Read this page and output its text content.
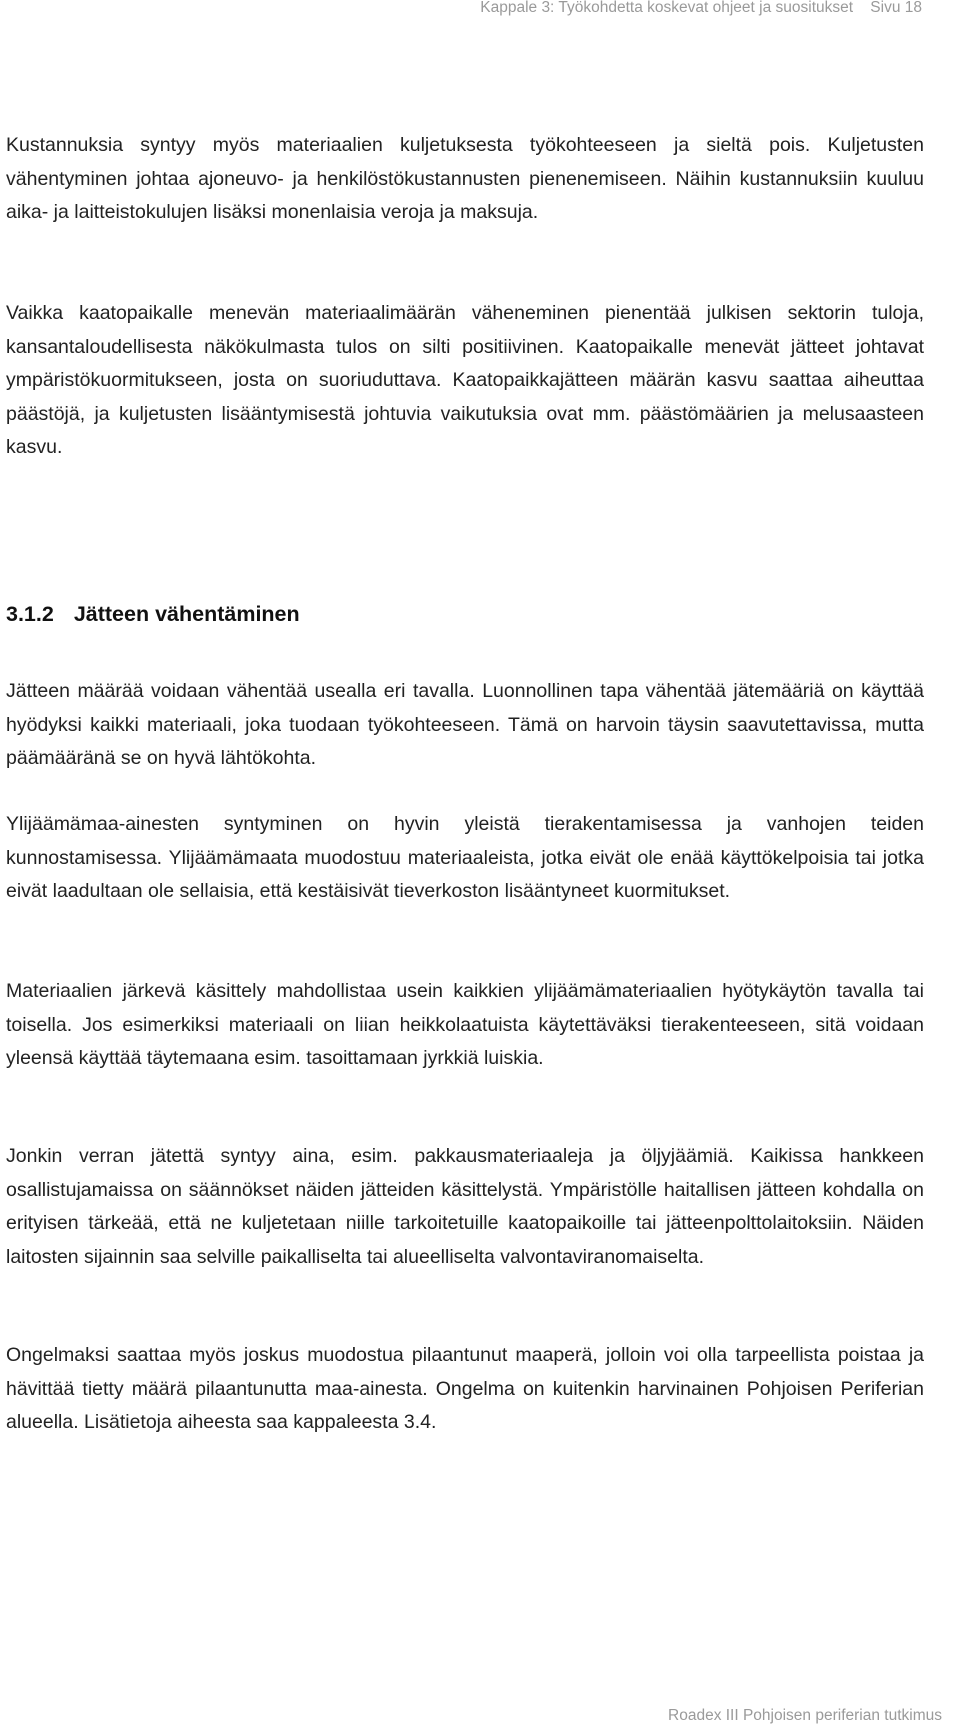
Kappale 3: Työkohdetta koskevat ohjeet ja suositukset    Sivu 18

Kustannuksia syntyy myös materiaalien kuljetuksesta työkohteeseen ja sieltä pois. Kuljetusten vähentyminen johtaa ajoneuvo- ja henkilöstökustannusten pienenemiseen. Näihin kustannuksiin kuuluu aika- ja laitteistokulujen lisäksi monenlaisia veroja ja maksuja.

Vaikka kaatopaikalle menevän materiaalimäärän väheneminen pienentää julkisen sektorin tuloja, kansantaloudellisesta näkökulmasta tulos on silti positiivinen. Kaatopaikalle menevät jätteet johtavat ympäristökuormitukseen, josta on suoriuduttava. Kaatopaikkajätteen määrän kasvu saattaa aiheuttaa päästöjä, ja kuljetusten lisääntymisestä johtuvia vaikutuksia ovat mm. päästömäärien ja melusaasteen kasvu.

3.1.2 Jätteen vähentäminen

Jätteen määrää voidaan vähentää usealla eri tavalla. Luonnollinen tapa vähentää jätemääriä on käyttää hyödyksi kaikki materiaali, joka tuodaan työkohteeseen. Tämä on harvoin täysin saavutettavissa, mutta päämääränä se on hyvä lähtökohta.

Ylijäämämaa-ainesten syntyminen on hyvin yleistä tierakentamisessa ja vanhojen teiden kunnostamisessa. Ylijäämämaata muodostuu materiaaleista, jotka eivät ole enää käyttökelpoisia tai jotka eivät laadultaan ole sellaisia, että kestäisivät tieverkoston lisääntyneet kuormitukset.

Materiaalien järkevä käsittely mahdollistaa usein kaikkien ylijäämämateriaalien hyötykäytön tavalla tai toisella. Jos esimerkiksi materiaali on liian heikkolaatuista käytettäväksi tierakenteeseen, sitä voidaan yleensä käyttää täytemaana esim. tasoittamaan jyrkkiä luiskia.

Jonkin verran jätettä syntyy aina, esim. pakkausmateriaaleja ja öljyjäämiä. Kaikissa hankkeen osallistujamaissa on säännökset näiden jätteiden käsittelystä. Ympäristölle haitallisen jätteen kohdalla on erityisen tärkeää, että ne kuljetetaan niille tarkoitetuille kaatopaikoille tai jätteenpolttolaitoksiin. Näiden laitosten sijainnin saa selville paikalliselta tai alueelliselta valvontaviranomaiselta.

Ongelmaksi saattaa myös joskus muodostua pilaantunut maaperä, jolloin voi olla tarpeellista poistaa ja hävittää tietty määrä pilaantunutta maa-ainesta. Ongelma on kuitenkin harvinainen Pohjoisen Periferian alueella. Lisätietoja aiheesta saa kappaleesta 3.4.

Roadex III Pohjoisen periferian tutkimus
